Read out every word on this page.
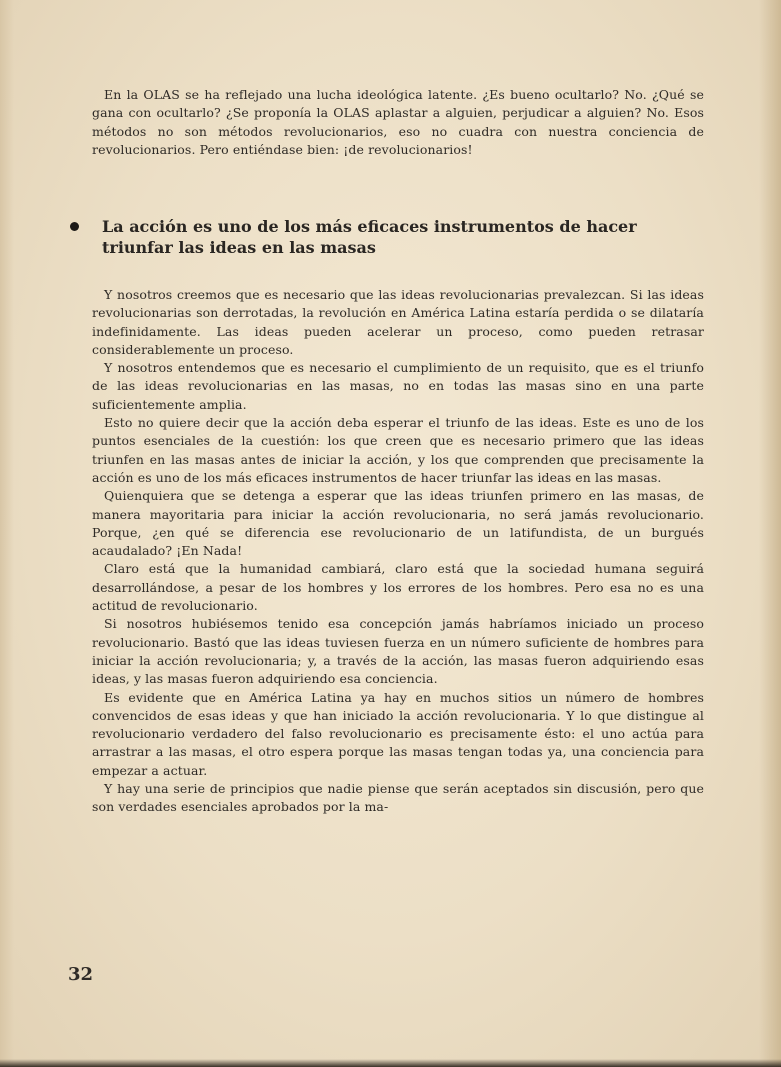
En la OLAS se ha reflejado una lucha ideológica latente. ¿Es bueno ocultarlo? No. ¿Qué se gana con ocultarlo? ¿Se proponía la OLAS aplastar a alguien, perjudicar a alguien? No. Esos métodos no son métodos revolucionarios, eso no cuadra con nuestra conciencia de revolucionarios. Pero entiéndase bien: ¡de revolucionarios!

La acción es uno de los más eficaces instrumentos de hacer triunfar las ideas en las masas

Y nosotros creemos que es necesario que las ideas revolucionarias prevalezcan. Si las ideas revolucionarias son derrotadas, la revolución en América Latina estaría perdida o se dilataría indefinidamente. Las ideas pueden acelerar un proceso, como pueden retrasar considerablemente un proceso.

Y nosotros entendemos que es necesario el cumplimiento de un requisito, que es el triunfo de las ideas revolucionarias en las masas, no en todas las masas sino en una parte suficientemente amplia.

Esto no quiere decir que la acción deba esperar el triunfo de las ideas. Este es uno de los puntos esenciales de la cuestión: los que creen que es necesario primero que las ideas triunfen en las masas antes de iniciar la acción, y los que comprenden que precisamente la acción es uno de los más eficaces instrumentos de hacer triunfar las ideas en las masas.

Quienquiera que se detenga a esperar que las ideas triunfen primero en las masas, de manera mayoritaria para iniciar la acción revolucionaria, no será jamás revolucionario. Porque, ¿en qué se diferencia ese revolucionario de un latifundista, de un burgués acaudalado? ¡En Nada!

Claro está que la humanidad cambiará, claro está que la sociedad humana seguirá desarrollándose, a pesar de los hombres y los errores de los hombres. Pero esa no es una actitud de revolucionario.

Si nosotros hubiésemos tenido esa concepción jamás habríamos iniciado un proceso revolucionario. Bastó que las ideas tuviesen fuerza en un número suficiente de hombres para iniciar la acción revolucionaria; y, a través de la acción, las masas fueron adquiriendo esas ideas, y las masas fueron adquiriendo esa conciencia.

Es evidente que en América Latina ya hay en muchos sitios un número de hombres convencidos de esas ideas y que han iniciado la acción revolucionaria. Y lo que distingue al revolucionario verdadero del falso revolucionario es precisamente ésto: el uno actúa para arrastrar a las masas, el otro espera porque las masas tengan todas ya, una conciencia para empezar a actuar.

Y hay una serie de principios que nadie piense que serán aceptados sin discusión, pero que son verdades esenciales aprobados por la ma-

32
